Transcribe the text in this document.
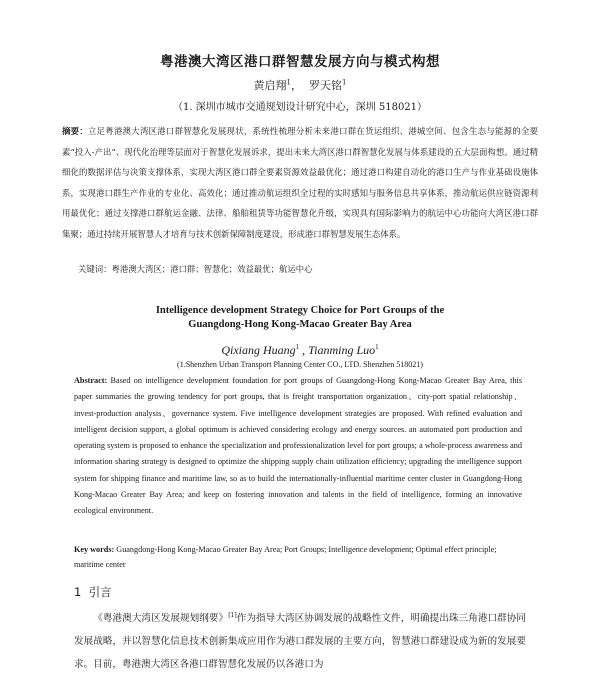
粤港澳大湾区港口群智慧发展方向与模式构想
黄启翔$^1$， 罗天铭$^1$
（1. 深圳市城市交通规划设计研究中心，深圳 518021）
摘要：立足粤港澳大湾区港口群智慧化发展现状，系统性梳理分析未来港口群在货运组织、港城空间、包含生态与能源的全要素“投入-产出”、现代化治理等层面对于智慧化发展诉求，提出未来大湾区港口群智慧化发展与体系建设的五大层面构想。通过精细化的数据评估与决策支撑体系，实现大湾区港口群全要素资源效益最优化；通过港口构建自动化的港口生产与作业基础设施体系，实现港口群生产作业的专业化、高效化；通过推动航运组织全过程的实时感知与服务信息共享体系，推动航运供应链资源利用最优化；通过支撑港口群航运金融、法律、船舶租赁等功能智慧化升级，实现具有国际影响力的航运中心功能向大湾区港口群集聚；通过持续开展智慧人才培育与技术创新保障制度建设，形成港口群智慧发展生态体系。
关键词：粤港澳大湾区；港口群；智慧化；效益最优；航运中心
Intelligence development Strategy Choice for Port Groups of the
Guangdong-Hong Kong-Macao Greater Bay Area
Qixiang Huang$^1$ , Tianming Luo$^1$
(1.Shenzhen Urban Transport Planning Center CO., LTD. Shenzhen 518021)
Abstract: Based on intelligence development foundation for port groups of Guangdong-Hong Kong-Macao Greater Bay Area, this paper summaries the growing tendency for port groups, that is freight transportation organization、city-port spatial relationship、invest-production analysis、governance system. Five intelligence development strategies are proposed. With refined evaluation and intelligent decision support, a global optimum is achieved considering ecology and energy sources. an automated port production and operating system is proposed to enhance the specialization and professionalization level for port groups; a whole-process awareness and information sharing strategy is designed to optimize the shipping supply chain utilization efficiency; upgrading the intelligence support system for shipping finance and maritime law, so as to build the internationally-influential maritime center cluster in Guangdong-Hong Kong-Macao Greater Bay Area; and keep on fostering innovation and talents in the field of intelligence, forming an innovative ecological environment.
Key words: Guangdong-Hong Kong-Macao Greater Bay Area; Port Groups; Intelligence development; Optimal effect principle; maritime center
1 引言
《粤港澳大湾区发展规划纲要》[1]作为指导大湾区协调发展的战略性文件，明确提出珠三角港口群协同发展战略，并以智慧化信息技术创新集成应用作为港口群发展的主要方向，智慧港口群建设成为新的发展要求。目前，粤港澳大湾区各港口群智慧化发展仍以各港口为
